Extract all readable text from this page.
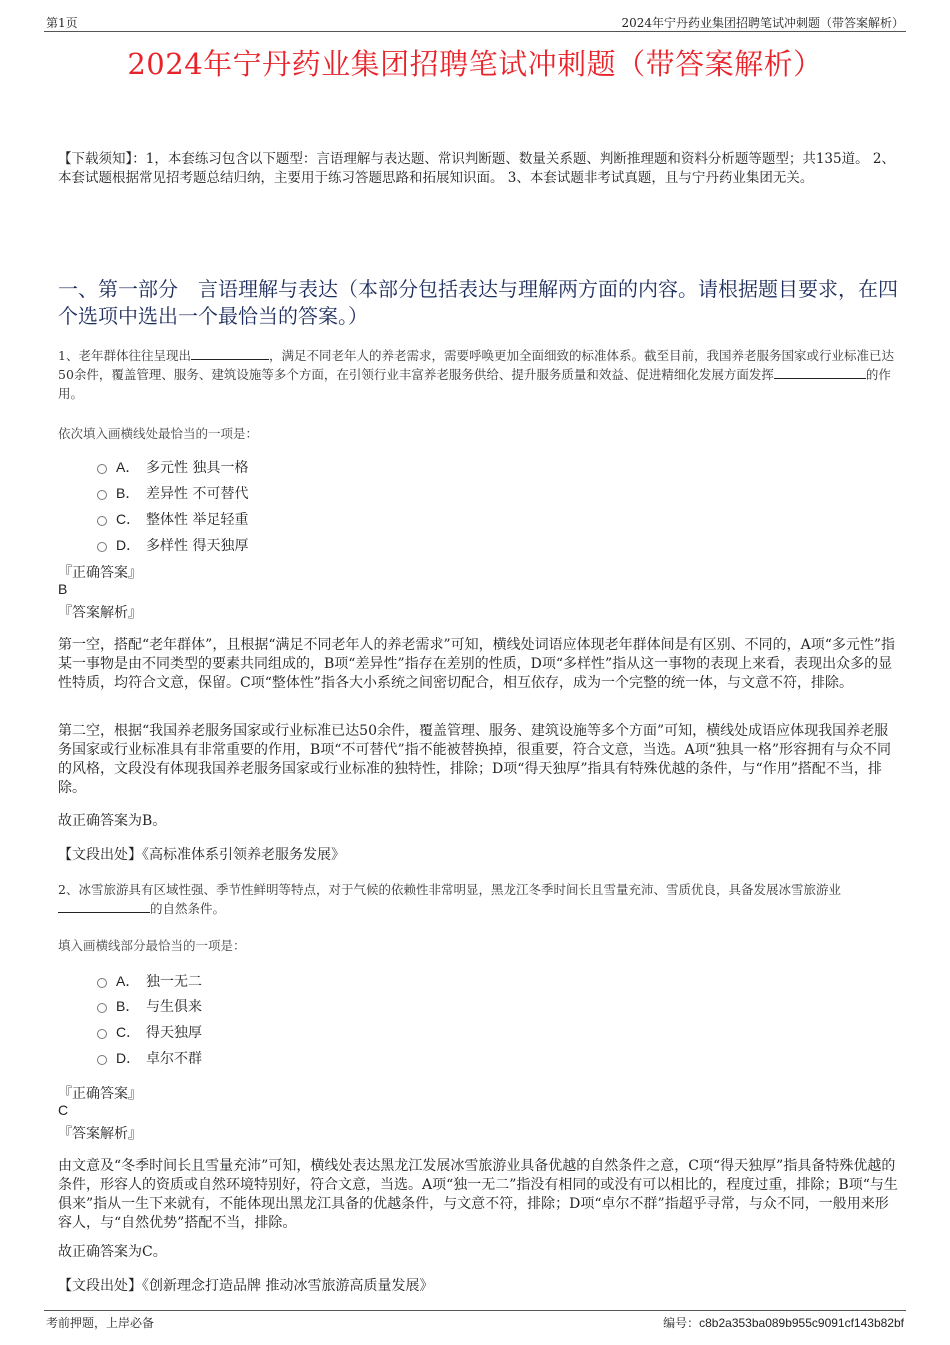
第1页	2024年宁丹药业集团招聘笔试冲刺题（带答案解析）
2024年宁丹药业集团招聘笔试冲刺题（带答案解析）
【下载须知】：1，本套练习包含以下题型：言语理解与表达题、常识判断题、数量关系题、判断推理题和资料分析题等题型；共135道。 2、本套试题根据常见招考题总结归纳，主要用于练习答题思路和拓展知识面。 3、本套试题非考试真题，且与宁丹药业集团无关。
一、第一部分　言语理解与表达（本部分包括表达与理解两方面的内容。请根据题目要求，在四个选项中选出一个最恰当的答案。）
1、老年群体往往呈现出	，满足不同老年人的养老需求，需要呼唤更加全面细致的标准体系。截至目前，我国养老服务国家或行业标准已达50余件，覆盖管理、服务、建筑设施等多个方面，在引领行业丰富养老服务供给、提升服务质量和效益、促进精细化发展方面发挥	的作用。
依次填入画横线处最恰当的一项是：
A． 多元性 独具一格
B． 差异性 不可替代
C． 整体性 举足轻重
D． 多样性 得天独厚
『正确答案』
B
『答案解析』
第一空，搭配“老年群体”，且根据“满足不同老年人的养老需求”可知，横线处词语应体现老年群体间是有区别、不同的，A项“多元性”指某一事物是由不同类型的要素共同组成的，B项“差异性”指存在差别的性质，D项“多样性”指从这一事物的表现上来看，表现出众多的显性特质，均符合文意，保留。C项“整体性”指各大小系统之间密切配合，相互依存，成为一个完整的统一体，与文意不符，排除。
第二空，根据“我国养老服务国家或行业标准已达50余件，覆盖管理、服务、建筑设施等多个方面”可知，横线处成语应体现我国养老服务国家或行业标准具有非常重要的作用，B项“不可替代”指不能被替换掉，很重要，符合文意，当选。A项“独具一格”形容拥有与众不同的风格，文段没有体现我国养老服务国家或行业标准的独特性，排除；D项“得天独厚”指具有特殊优越的条件，与“作用”搭配不当，排除。
故正确答案为B。
【文段出处】《高标准体系引领养老服务发展》
2、冰雪旅游具有区域性强、季节性鲜明等特点，对于气候的依赖性非常明显，黑龙江冬季时间长且雪量充沛、雪质优良，具备发展冰雪旅游业的自然条件。
填入画横线部分最恰当的一项是：
A． 独一无二
B． 与生俱来
C． 得天独厚
D． 卓尔不群
『正确答案』
C
『答案解析』
由文意及“冬季时间长且雪量充沛”可知，横线处表达黑龙江发展冰雪旅游业具备优越的自然条件之意，C项“得天独厚”指具备特殊优越的条件，形容人的资质或自然环境特别好，符合文意，当选。A项“独一无二”指没有相同的或没有可以相比的，程度过重，排除；B项“与生俱来”指从一生下来就有，不能体现出黑龙江具备的优越条件，与文意不符，排除；D项“卓尔不群”指超乎寻常，与众不同，一般用来形容人，与“自然优势”搭配不当，排除。
故正确答案为C。
【文段出处】《创新理念打造品牌 推动冰雪旅游高质量发展》
考前押题，上岸必备	编号：c8b2a353ba089b955c9091cf143b82bf
